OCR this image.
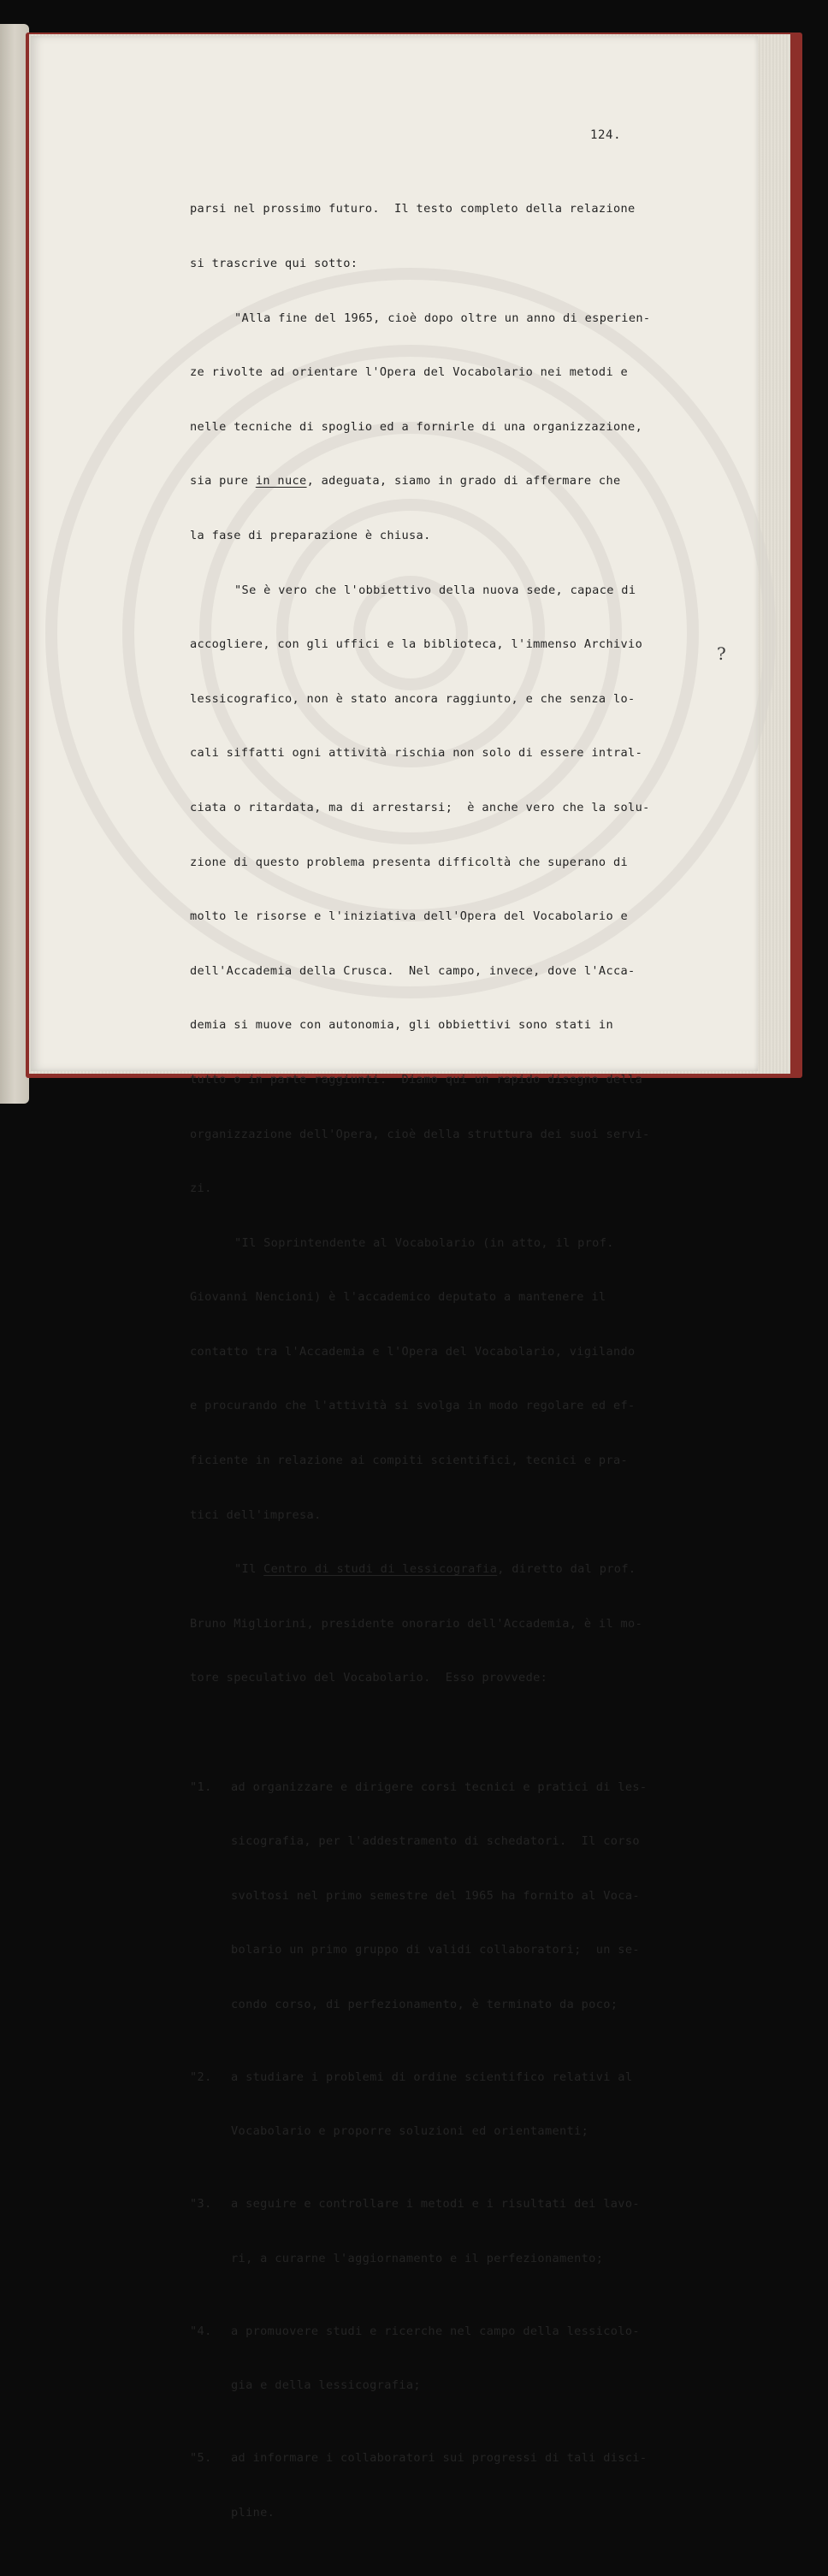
124.

parsi nel prossimo futuro.  Il testo completo della relazione

si trascrive qui sotto:

"Alla fine del 1965, cioè dopo oltre un anno di esperien-

ze rivolte ad orientare l'Opera del Vocabolario nei metodi e

nelle tecniche di spoglio ed a fornirle di una organizzazione,

sia pure in nuce, adeguata, siamo in grado di affermare che

la fase di preparazione è chiusa.

"Se è vero che l'obbiettivo della nuova sede, capace di

accogliere, con gli uffici e la biblioteca, l'immenso Archivio

lessicografico, non è stato ancora raggiunto, e che senza lo-

cali siffatti ogni attività rischia non solo di essere intral-

ciata o ritardata, ma di arrestarsi;  è anche vero che la solu-

zione di questo problema presenta difficoltà che superano di

molto le risorse e l'iniziativa dell'Opera del Vocabolario e

dell'Accademia della Crusca.  Nel campo, invece, dove l'Acca-

demia si muove con autonomia, gli obbiettivi sono stati in

tutto o in parte raggiunti.  Diamo qui un rapido disegno della

organizzazione dell'Opera, cioè della struttura dei suoi servi-

zi.

"Il Soprintendente al Vocabolario (in atto, il prof.

Giovanni Nencioni) è l'accademico deputato a mantenere il

contatto tra l'Accademia e l'Opera del Vocabolario, vigilando

e procurando che l'attività si svolga in modo regolare ed ef-

ficiente in relazione ai compiti scientifici, tecnici e pra-

tici dell'impresa.

"Il Centro di studi di lessicografia, diretto dal prof.

Bruno Migliorini, presidente onorario dell'Accademia, è il mo-

tore speculativo del Vocabolario.  Esso provvede:

"1. ad organizzare e dirigere corsi tecnici e pratici di les-

sicografia, per l'addestramento di schedatori.  Il corso

svoltosi nel primo semestre del 1965 ha fornito al Voca-

bolario un primo gruppo di validi collaboratori;  un se-

condo corso, di perfezionamento, è terminato da poco;

"2. a studiare i problemi di ordine scientifico relativi al

Vocabolario e proporre soluzioni ed orientamenti;

"3. a seguire e controllare i metodi e i risultati dei lavo-

ri, a curarne l'aggiornamento e il perfezionamento;

"4. a promuovere studi e ricerche nel campo della lessicolo-

gia e della lessicografia;

"5. ad informare i collaboratori sui progressi di tali disci-

pline.

?
